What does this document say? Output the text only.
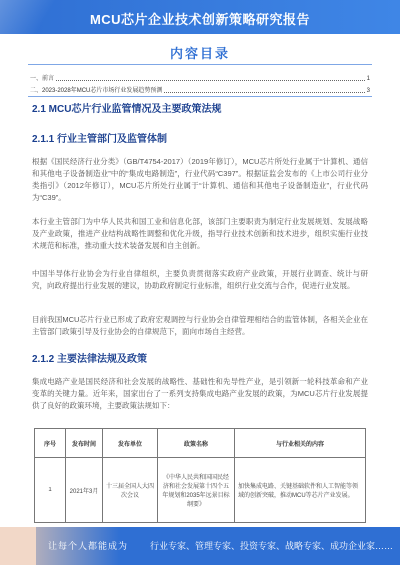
MCU芯片企业技术创新策略研究报告
内容目录
一、前言	1
二、2023-2028年MCU芯片市场行业发展趋势预测	3
2.1 MCU芯片行业监管情况及主要政策法规
2.1.1 行业主管部门及监管体制
根据《国民经济行业分类》（GB/T4754-2017）（2019年修订），MCU芯片所处行业属于“计算机、通信和其他电子设备制造业”中的“集成电路制造”，行业代码“C397”。根据证监会发布的《上市公司行业分类指引》（2012年修订），MCU芯片所处行业属于“计算机、通信和其他电子设备制造业”，行业代码为“C39”。
本行业主管部门为中华人民共和国工业和信息化部，该部门主要职责为制定行业发展规划、发展战略及产业政策，推进产业结构战略性调整和优化升级，指导行业技术创新和技术进步，组织实施行业技术规范和标准，推动重大技术装备发展和自主创新。
中国半导体行业协会为行业自律组织，主要负责贯彻落实政府产业政策，开展行业调查、统计与研究，向政府提出行业发展的建议，协助政府制定行业标准，组织行业交流与合作，促进行业发展。
目前我国MCU芯片行业已形成了政府宏观调控与行业协会自律管理相结合的监管体制，各相关企业在主管部门政策引导及行业协会的自律规范下，面向市场自主经营。
2.1.2 主要法律法规及政策
集成电路产业是国民经济和社会发展的战略性、基础性和先导性产业，是引领新一轮科技革命和产业变革的关键力量。近年来，国家出台了一系列支持集成电路产业发展的政策，为MCU芯片行业发展提供了良好的政策环境，主要政策法规如下：
序号	发布时间	发布单位	政策名称	与行业相关的内容
1	2021年3月	十三届全国人大四次会议	《中华人民共和国国民经济和社会发展第十四个五年规划和2035年远景目标纲要》	加快集成电路、关键基础软件和人工智能等领域的创新突破，推动MCU等芯片产业发展。
让每个人都能成为 行业专家、管理专家、投资专家、战略专家、成功企业家……
